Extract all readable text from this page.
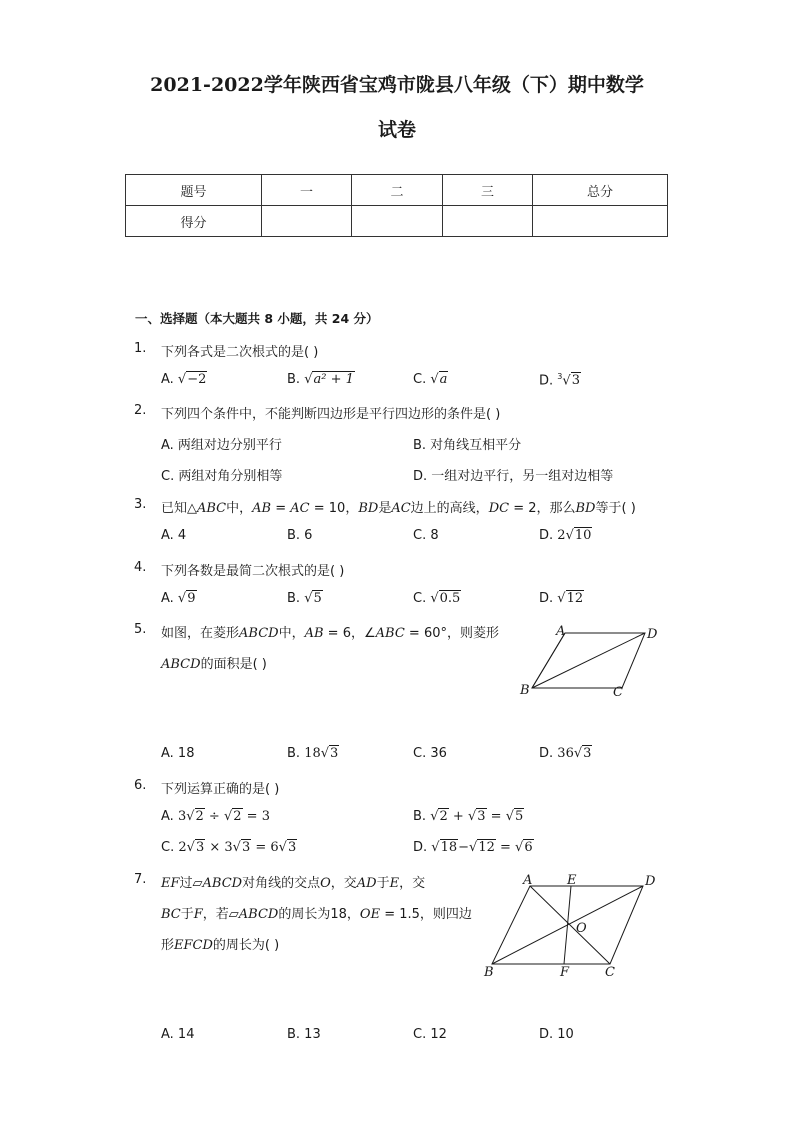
2021-2022学年陕西省宝鸡市陇县八年级（下）期中数学
试卷
题号	一	二	三	总分
得分				
一、选择题（本大题共 8 小题，共 24 分）
1. 下列各式是二次根式的是( )
A. √−2	B. √a² + 1	C. √a	D. $^3$√3
2. 下列四个条件中，不能判断四边形是平行四边形的条件是( )
A. 两组对边分别平行	B. 对角线互相平分
C. 两组对角分别相等	D. 一组对边平行，另一组对边相等
3. 已知△ABC中，AB = AC = 10，BD是AC边上的高线，DC = 2，那么BD等于( )
A. 4	B. 6	C. 8	D. 2√10
4. 下列各数是最简二次根式的是( )
A. √9	B. √5	C. √0.5	D. √12
5. 如图，在菱形ABCD中，AB = 6，∠ABC = 60°，则菱形
ABCD的面积是( )
A	D
B	C
A. 18	B. 18√3	C. 36	D. 36√3
6. 下列运算正确的是( )
A. 3√2 ÷ √2 = 3	B. √2 + √3 = √5
C. 2√3 × 3√3 = 6√3	D. √18−√12 = √6
7. EF过▱ABCD对角线的交点O，交AD于E，交
BC于F，若▱ABCD的周长为18，OE = 1.5，则四边
形EFCD的周长为( )
A	E	D
O
B	F	C
A. 14	B. 13	C. 12	D. 10
